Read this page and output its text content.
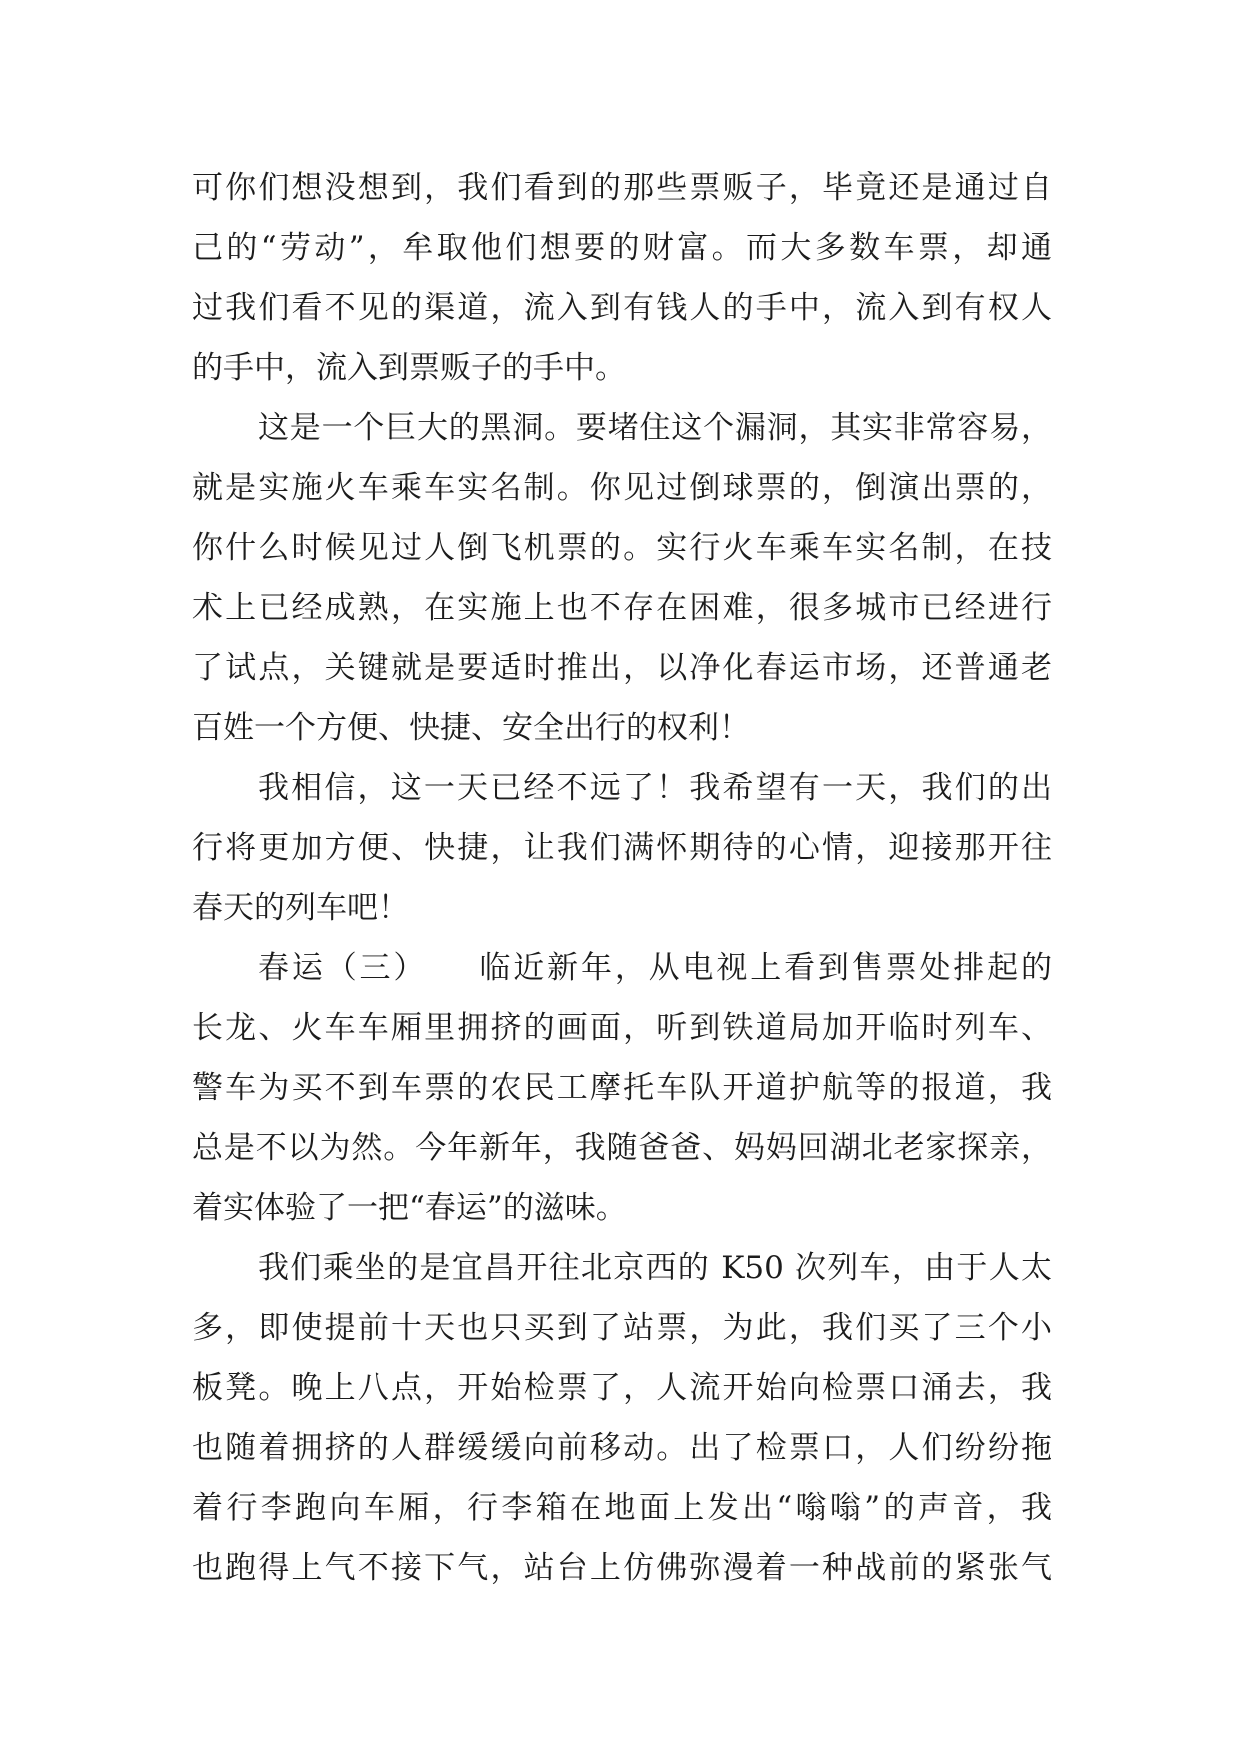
可你们想没想到，我们看到的那些票贩子，毕竟还是通过自
己的“劳动”，牟取他们想要的财富。而大多数车票，却通
过我们看不见的渠道，流入到有钱人的手中，流入到有权人
的手中，流入到票贩子的手中。
这是一个巨大的黑洞。要堵住这个漏洞，其实非常容易，
就是实施火车乘车实名制。你见过倒球票的，倒演出票的，
你什么时候见过人倒飞机票的。实行火车乘车实名制，在技
术上已经成熟，在实施上也不存在困难，很多城市已经进行
了试点，关键就是要适时推出，以净化春运市场，还普通老
百姓一个方便、快捷、安全出行的权利！
我相信，这一天已经不远了！我希望有一天，我们的出
行将更加方便、快捷，让我们满怀期待的心情，迎接那开往
春天的列车吧！
春运（三）　　临近新年，从电视上看到售票处排起的
长龙、火车车厢里拥挤的画面，听到铁道局加开临时列车、
警车为买不到车票的农民工摩托车队开道护航等的报道，我
总是不以为然。今年新年，我随爸爸、妈妈回湖北老家探亲，
着实体验了一把“春运”的滋味。
我们乘坐的是宜昌开往北京西的 K50 次列车，由于人太
多，即使提前十天也只买到了站票，为此，我们买了三个小
板凳。晚上八点，开始检票了，人流开始向检票口涌去，我
也随着拥挤的人群缓缓向前移动。出了检票口，人们纷纷拖
着行李跑向车厢，行李箱在地面上发出“嗡嗡”的声音，我
也跑得上气不接下气，站台上仿佛弥漫着一种战前的紧张气
